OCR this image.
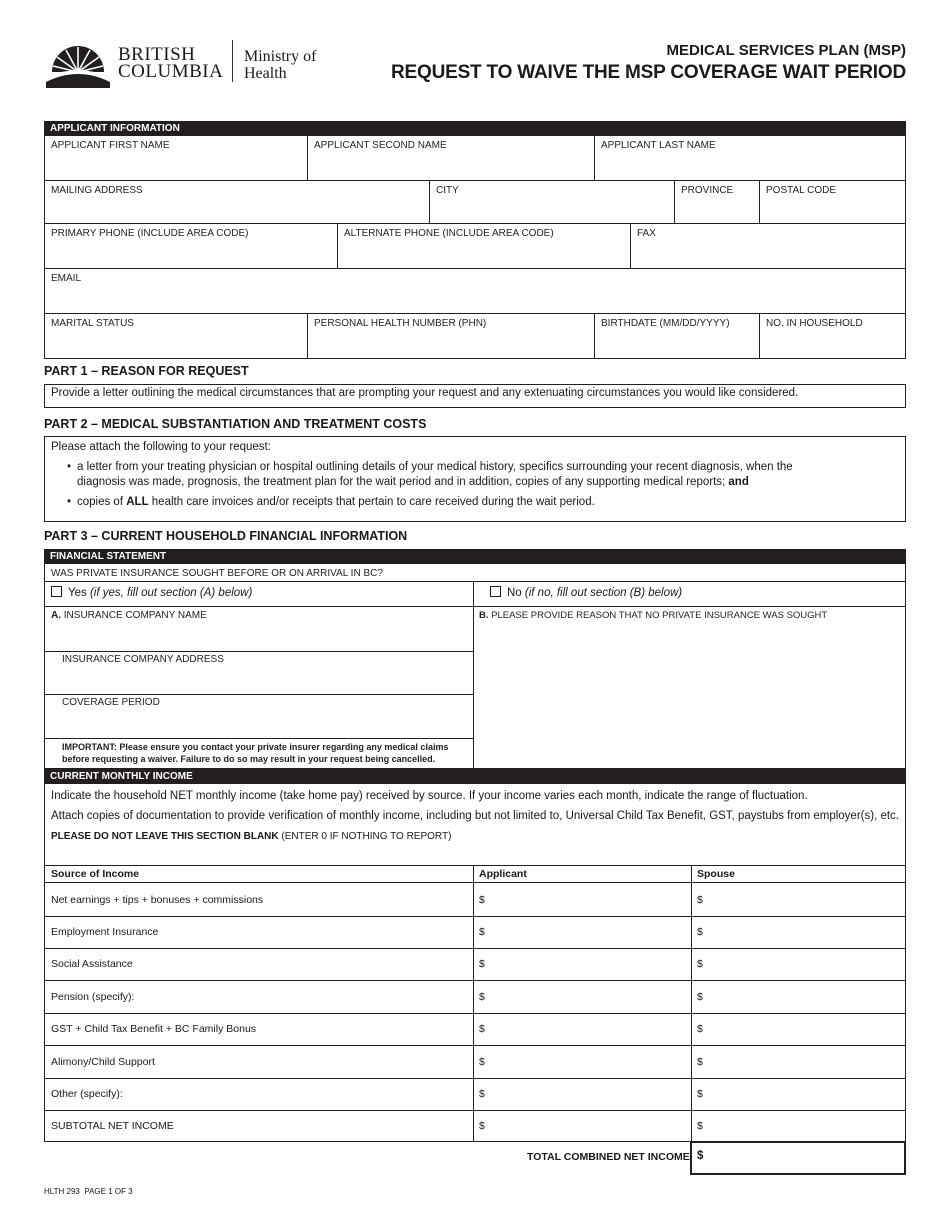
BRITISH
COLUMBIA
Ministry of
Health
MEDICAL SERVICES PLAN (MSP)
REQUEST TO WAIVE THE MSP COVERAGE WAIT PERIOD
APPLICANT INFORMATION
APPLICANT FIRST NAME	APPLICANT SECOND NAME	APPLICANT LAST NAME
MAILING ADDRESS	CITY	PROVINCE	POSTAL CODE
PRIMARY PHONE (INCLUDE AREA CODE)	ALTERNATE PHONE (INCLUDE AREA CODE)	FAX
EMAIL
MARITAL STATUS	PERSONAL HEALTH NUMBER (PHN)	BIRTHDATE (MM/DD/YYYY)	NO. IN HOUSEHOLD
PART 1 – REASON FOR REQUEST
Provide a letter outlining the medical circumstances that are prompting your request and any extenuating circumstances you would like considered.
PART 2 – MEDICAL SUBSTANTIATION AND TREATMENT COSTS
Please attach the following to your request:
• a letter from your treating physician or hospital outlining details of your medical history, specifics surrounding your recent diagnosis, when the
diagnosis was made, prognosis, the treatment plan for the wait period and in addition, copies of any supporting medical reports; and
• copies of ALL health care invoices and/or receipts that pertain to care received during the wait period.
PART 3 – CURRENT HOUSEHOLD FINANCIAL INFORMATION
FINANCIAL STATEMENT
WAS PRIVATE INSURANCE SOUGHT BEFORE OR ON ARRIVAL IN BC?
Yes (if yes, fill out section (A) below)	No (if no, fill out section (B) below)
A. INSURANCE COMPANY NAME
INSURANCE COMPANY ADDRESS
COVERAGE PERIOD
IMPORTANT: Please ensure you contact your private insurer regarding any medical claims before requesting a waiver. Failure to do so may result in your request being cancelled.
B. PLEASE PROVIDE REASON THAT NO PRIVATE INSURANCE WAS SOUGHT
CURRENT MONTHLY INCOME
Indicate the household NET monthly income (take home pay) received by source. If your income varies each month, indicate the range of fluctuation.
Attach copies of documentation to provide verification of monthly income, including but not limited to, Universal Child Tax Benefit, GST, paystubs from employer(s), etc.
PLEASE DO NOT LEAVE THIS SECTION BLANK (ENTER 0 IF NOTHING TO REPORT)
Source of Income	Applicant	Spouse
Net earnings + tips + bonuses + commissions	$	$
Employment Insurance	$	$
Social Assistance	$	$
Pension (specify):	$	$
GST + Child Tax Benefit + BC Family Bonus	$	$
Alimony/Child Support	$	$
Other (specify):	$	$
SUBTOTAL NET INCOME	$	$
TOTAL COMBINED NET INCOME $
HLTH 293 PAGE 1 OF 3
